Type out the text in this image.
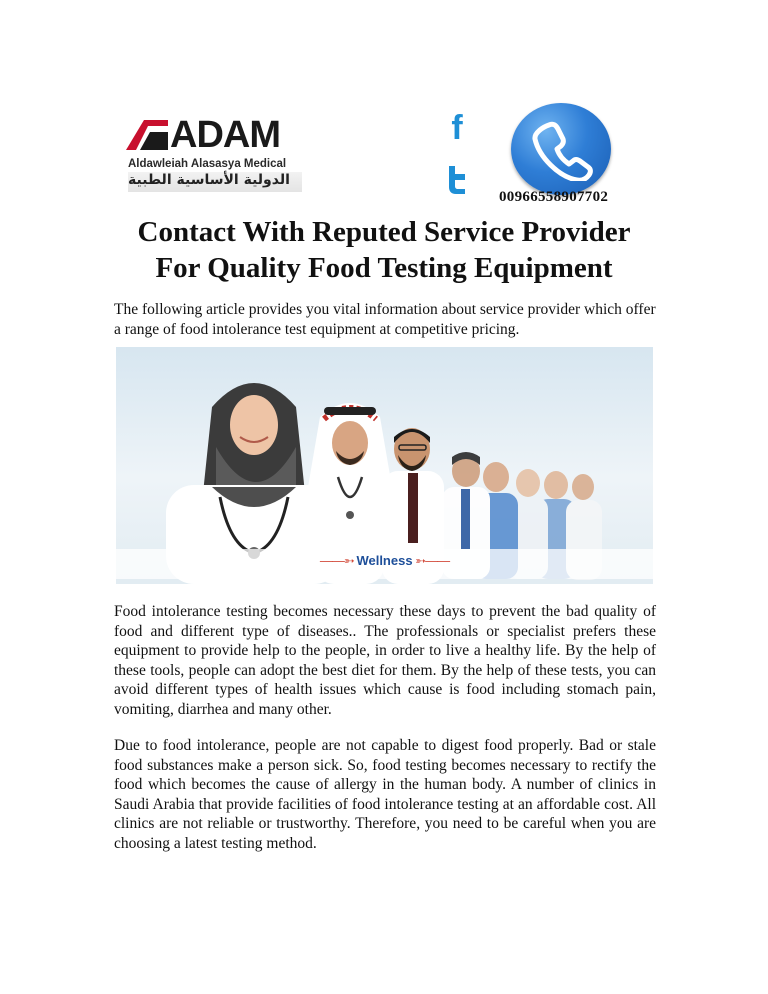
ADAM
Aldawleiah Alasasya Medical
الدولية الأساسية الطبية
f
00966558907702
Contact With Reputed Service Provider
For Quality Food Testing Equipment
The following article provides you vital information about service provider which offer a range of food intolerance test equipment at competitive pricing.
——➳ Wellness ➳——
Food intolerance testing becomes necessary these days to prevent the bad quality of food and different type of diseases.. The professionals or specialist prefers these equipment to provide help to the people, in order to live a healthy life. By the help of these tools, people can adopt the best diet for them. By the help of these tests, you can avoid different types of health issues which cause is food including stomach pain, vomiting, diarrhea and many other.
Due to food intolerance, people are not capable to digest food properly. Bad or stale food substances make a person sick. So, food testing becomes necessary to rectify the food which becomes the cause of allergy in the human body. A number of clinics in Saudi Arabia that provide facilities of food intolerance testing at an affordable cost. All clinics are not reliable or trustworthy. Therefore, you need to be careful when you are choosing a latest testing method.
